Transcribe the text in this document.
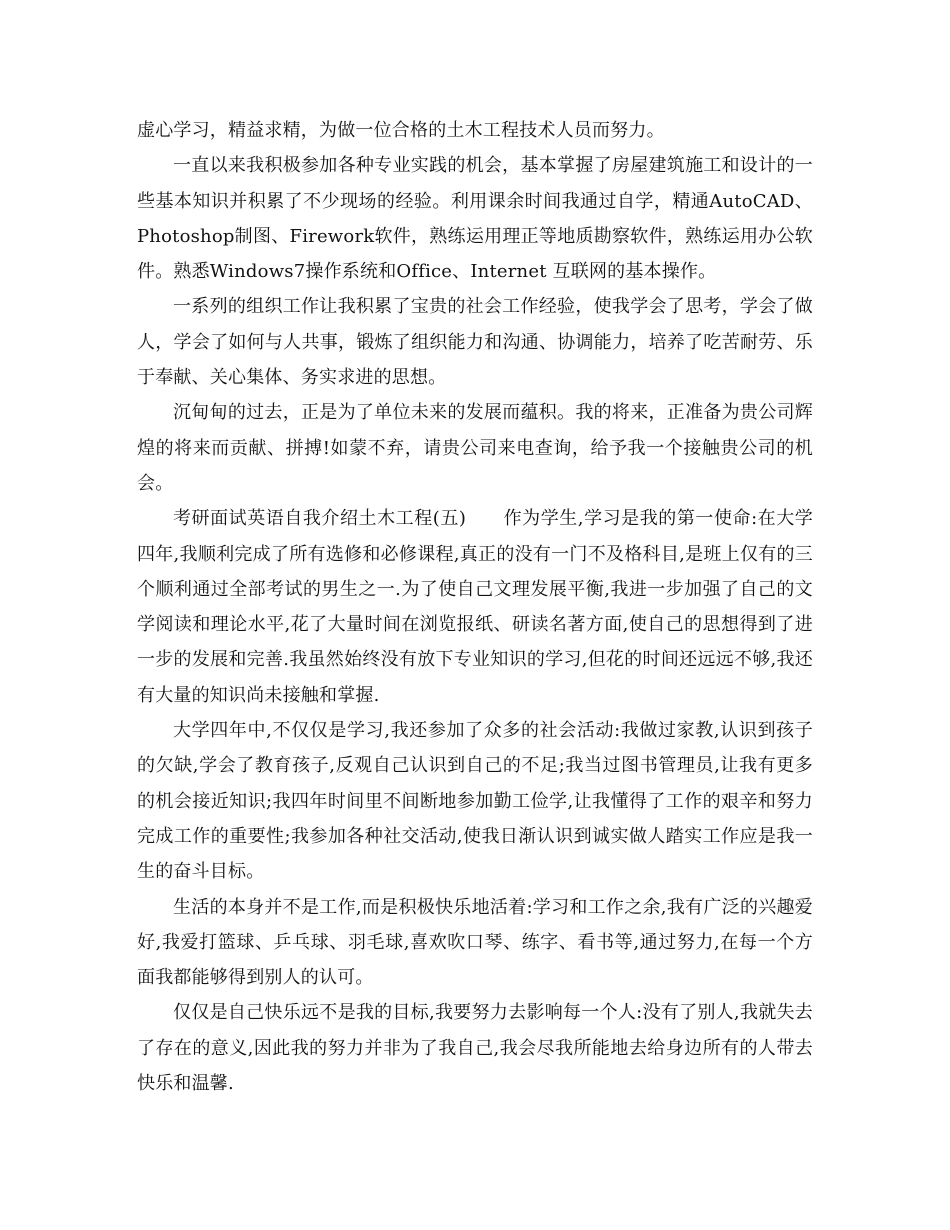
虚心学习，精益求精，为做一位合格的土木工程技术人员而努力。

一直以来我积极参加各种专业实践的机会，基本掌握了房屋建筑施工和设计的一些基本知识并积累了不少现场的经验。利用课余时间我通过自学，精通AutoCAD、Photoshop制图、Firework软件，熟练运用理正等地质勘察软件，熟练运用办公软件。熟悉Windows7操作系统和Office、Internet 互联网的基本操作。

一系列的组织工作让我积累了宝贵的社会工作经验，使我学会了思考，学会了做人，学会了如何与人共事，锻炼了组织能力和沟通、协调能力，培养了吃苦耐劳、乐于奉献、关心集体、务实求进的思想。

沉甸甸的过去，正是为了单位未来的发展而蕴积。我的将来，正准备为贵公司辉煌的将来而贡献、拼搏!如蒙不弃，请贵公司来电查询，给予我一个接触贵公司的机会。

考研面试英语自我介绍土木工程(五)　　作为学生,学习是我的第一使命:在大学四年,我顺利完成了所有选修和必修课程,真正的没有一门不及格科目,是班上仅有的三个顺利通过全部考试的男生之一.为了使自己文理发展平衡,我进一步加强了自己的文学阅读和理论水平,花了大量时间在浏览报纸、研读名著方面,使自己的思想得到了进一步的发展和完善.我虽然始终没有放下专业知识的学习,但花的时间还远远不够,我还有大量的知识尚未接触和掌握.

大学四年中,不仅仅是学习,我还参加了众多的社会活动:我做过家教,认识到孩子的欠缺,学会了教育孩子,反观自己认识到自己的不足;我当过图书管理员,让我有更多的机会接近知识;我四年时间里不间断地参加勤工俭学,让我懂得了工作的艰辛和努力完成工作的重要性;我参加各种社交活动,使我日渐认识到诚实做人踏实工作应是我一生的奋斗目标。

生活的本身并不是工作,而是积极快乐地活着:学习和工作之余,我有广泛的兴趣爱好,我爱打篮球、乒乓球、羽毛球,喜欢吹口琴、练字、看书等,通过努力,在每一个方面我都能够得到别人的认可。

仅仅是自己快乐远不是我的目标,我要努力去影响每一个人:没有了别人,我就失去了存在的意义,因此我的努力并非为了我自己,我会尽我所能地去给身边所有的人带去快乐和温馨.
